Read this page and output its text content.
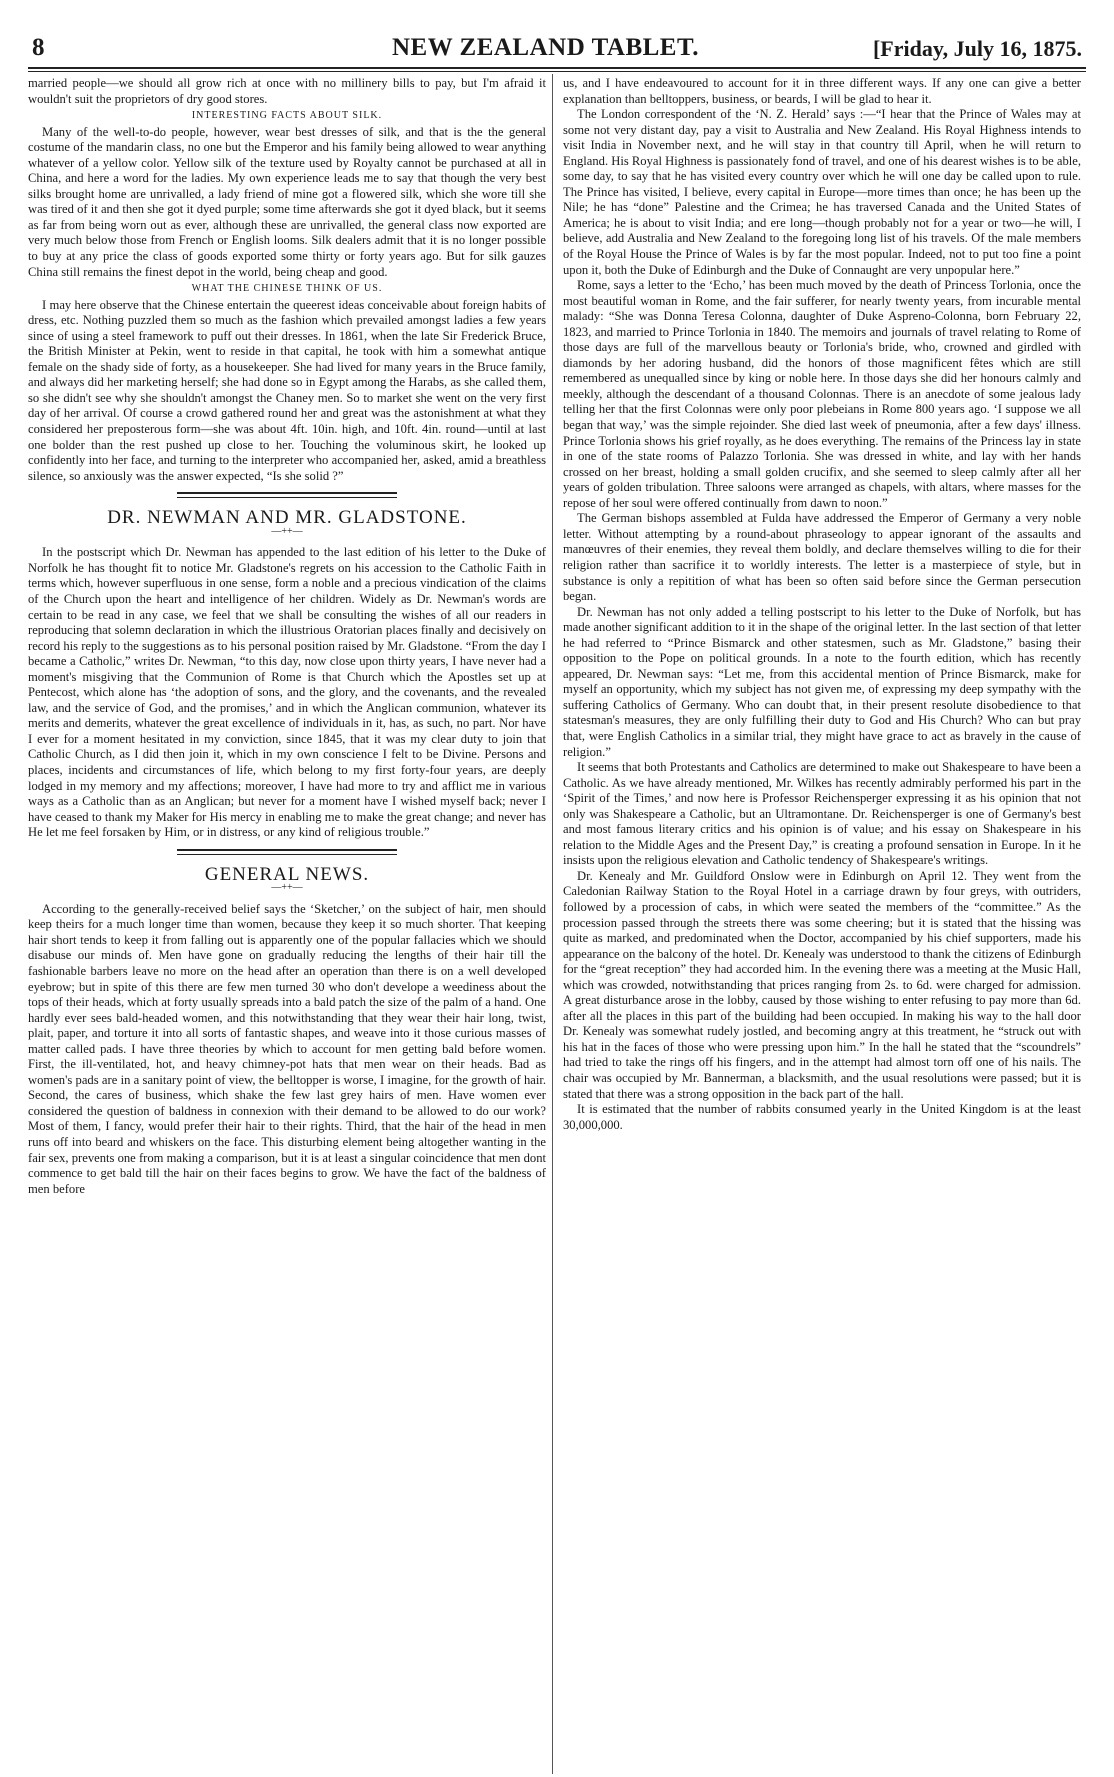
8	NEW ZEALAND TABLET.	[Friday, July 16, 1875.

married people—we should all grow rich at once with no millinery bills to pay, but I'm afraid it wouldn't suit the proprietors of dry good stores.

INTERESTING FACTS ABOUT SILK.

Many of the well-to-do people, however, wear best dresses of silk, and that is the the general costume of the mandarin class, no one but the Emperor and his family being allowed to wear anything whatever of a yellow color. Yellow silk of the texture used by Royalty cannot be purchased at all in China, and here a word for the ladies. My own experience leads me to say that though the very best silks brought home are unrivalled, a lady friend of mine got a flowered silk, which she wore till she was tired of it and then she got it dyed purple; some time afterwards she got it dyed black, but it seems as far from being worn out as ever, although these are unrivalled, the general class now exported are very much below those from French or English looms. Silk dealers admit that it is no longer possible to buy at any price the class of goods exported some thirty or forty years ago. But for silk gauzes China still remains the finest depot in the world, being cheap and good.

WHAT THE CHINESE THINK OF US.

I may here observe that the Chinese entertain the queerest ideas conceivable about foreign habits of dress, etc. Nothing puzzled them so much as the fashion which prevailed amongst ladies a few years since of using a steel framework to puff out their dresses. In 1861, when the late Sir Frederick Bruce, the British Minister at Pekin, went to reside in that capital, he took with him a somewhat antique female on the shady side of forty, as a housekeeper. She had lived for many years in the Bruce family, and always did her marketing herself; she had done so in Egypt among the Harabs, as she called them, so she didn't see why she shouldn't amongst the Chaney men. So to market she went on the very first day of her arrival. Of course a crowd gathered round her and great was the astonishment at what they considered her preposterous form—she was about 4ft. 10in. high, and 10ft. 4in. round—until at last one bolder than the rest pushed up close to her. Touching the voluminous skirt, he looked up confidently into her face, and turning to the interpreter who accompanied her, asked, amid a breathless silence, so anxiously was the answer expected, “Is she solid ?”

DR. NEWMAN AND MR. GLADSTONE.
—++—

In the postscript which Dr. Newman has appended to the last edition of his letter to the Duke of Norfolk he has thought fit to notice Mr. Gladstone's regrets on his accession to the Catholic Faith in terms which, however superfluous in one sense, form a noble and a precious vindication of the claims of the Church upon the heart and intelligence of her children. Widely as Dr. Newman's words are certain to be read in any case, we feel that we shall be consulting the wishes of all our readers in reproducing that solemn declaration in which the illustrious Oratorian places finally and decisively on record his reply to the suggestions as to his personal position raised by Mr. Gladstone. “From the day I became a Catholic,” writes Dr. Newman, “to this day, now close upon thirty years, I have never had a moment's misgiving that the Communion of Rome is that Church which the Apostles set up at Pentecost, which alone has ‘the adoption of sons, and the glory, and the covenants, and the revealed law, and the service of God, and the promises,’ and in which the Anglican communion, whatever its merits and demerits, whatever the great excellence of individuals in it, has, as such, no part. Nor have I ever for a moment hesitated in my conviction, since 1845, that it was my clear duty to join that Catholic Church, as I did then join it, which in my own conscience I felt to be Divine. Persons and places, incidents and circumstances of life, which belong to my first forty-four years, are deeply lodged in my memory and my affections; moreover, I have had more to try and afflict me in various ways as a Catholic than as an Anglican; but never for a moment have I wished myself back; never I have ceased to thank my Maker for His mercy in enabling me to make the great change; and never has He let me feel forsaken by Him, or in distress, or any kind of religious trouble.”

GENERAL NEWS.
—++—

According to the generally-received belief says the ‘Sketcher,’ on the subject of hair, men should keep theirs for a much longer time than women, because they keep it so much shorter. That keeping hair short tends to keep it from falling out is apparently one of the popular fallacies which we should disabuse our minds of. Men have gone on gradually reducing the lengths of their hair till the fashionable barbers leave no more on the head after an operation than there is on a well developed eyebrow; but in spite of this there are few men turned 30 who don't develope a weediness about the tops of their heads, which at forty usually spreads into a bald patch the size of the palm of a hand. One hardly ever sees bald-headed women, and this notwithstanding that they wear their hair long, twist, plait, paper, and torture it into all sorts of fantastic shapes, and weave into it those curious masses of matter called pads. I have three theories by which to account for men getting bald before women. First, the ill-ventilated, hot, and heavy chimney-pot hats that men wear on their heads. Bad as women's pads are in a sanitary point of view, the belltopper is worse, I imagine, for the growth of hair. Second, the cares of business, which shake the few last grey hairs of men. Have women ever considered the question of baldness in connexion with their demand to be allowed to do our work? Most of them, I fancy, would prefer their hair to their rights. Third, that the hair of the head in men runs off into beard and whiskers on the face. This disturbing element being altogether wanting in the fair sex, prevents one from making a comparison, but it is at least a singular coincidence that men dont commence to get bald till the hair on their faces begins to grow. We have the fact of the baldness of men before

us, and I have endeavoured to account for it in three different ways. If any one can give a better explanation than belltoppers, business, or beards, I will be glad to hear it.

The London correspondent of the ‘N. Z. Herald’ says :—“I hear that the Prince of Wales may at some not very distant day, pay a visit to Australia and New Zealand. His Royal Highness intends to visit India in November next, and he will stay in that country till April, when he will return to England. His Royal Highness is passionately fond of travel, and one of his dearest wishes is to be able, some day, to say that he has visited every country over which he will one day be called upon to rule. The Prince has visited, I believe, every capital in Europe—more times than once; he has been up the Nile; he has “done” Palestine and the Crimea; he has traversed Canada and the United States of America; he is about to visit India; and ere long—though probably not for a year or two—he will, I believe, add Australia and New Zealand to the foregoing long list of his travels. Of the male members of the Royal House the Prince of Wales is by far the most popular. Indeed, not to put too fine a point upon it, both the Duke of Edinburgh and the Duke of Connaught are very unpopular here.”

Rome, says a letter to the ‘Echo,’ has been much moved by the death of Princess Torlonia, once the most beautiful woman in Rome, and the fair sufferer, for nearly twenty years, from incurable mental malady: “She was Donna Teresa Colonna, daughter of Duke Aspreno-Colonna, born February 22, 1823, and married to Prince Torlonia in 1840. The memoirs and journals of travel relating to Rome of those days are full of the marvellous beauty or Torlonia's bride, who, crowned and girdled with diamonds by her adoring husband, did the honors of those magnificent fêtes which are still remembered as unequalled since by king or noble here. In those days she did her honours calmly and meekly, although the descendant of a thousand Colonnas. There is an anecdote of some jealous lady telling her that the first Colonnas were only poor plebeians in Rome 800 years ago. ‘I suppose we all began that way,’ was the simple rejoinder. She died last week of pneumonia, after a few days' illness. Prince Torlonia shows his grief royally, as he does everything. The remains of the Princess lay in state in one of the state rooms of Palazzo Torlonia. She was dressed in white, and lay with her hands crossed on her breast, holding a small golden crucifix, and she seemed to sleep calmly after all her years of golden tribulation. Three saloons were arranged as chapels, with altars, where masses for the repose of her soul were offered continually from dawn to noon.”

The German bishops assembled at Fulda have addressed the Emperor of Germany a very noble letter. Without attempting by a round-about phraseology to appear ignorant of the assaults and manœuvres of their enemies, they reveal them boldly, and declare themselves willing to die for their religion rather than sacrifice it to worldly interests. The letter is a masterpiece of style, but in substance is only a repitition of what has been so often said before since the German persecution began.

Dr. Newman has not only added a telling postscript to his letter to the Duke of Norfolk, but has made another significant addition to it in the shape of the original letter. In the last section of that letter he had referred to “Prince Bismarck and other statesmen, such as Mr. Gladstone,” basing their opposition to the Pope on political grounds. In a note to the fourth edition, which has recently appeared, Dr. Newman says: “Let me, from this accidental mention of Prince Bismarck, make for myself an opportunity, which my subject has not given me, of expressing my deep sympathy with the suffering Catholics of Germany. Who can doubt that, in their present resolute disobedience to that statesman's measures, they are only fulfilling their duty to God and His Church? Who can but pray that, were English Catholics in a similar trial, they might have grace to act as bravely in the cause of religion.”

It seems that both Protestants and Catholics are determined to make out Shakespeare to have been a Catholic. As we have already mentioned, Mr. Wilkes has recently admirably performed his part in the ‘Spirit of the Times,’ and now here is Professor Reichensperger expressing it as his opinion that not only was Shakespeare a Catholic, but an Ultramontane. Dr. Reichensperger is one of Germany's best and most famous literary critics and his opinion is of value; and his essay on Shakespeare in his relation to the Middle Ages and the Present Day,” is creating a profound sensation in Europe. In it he insists upon the religious elevation and Catholic tendency of Shakespeare's writings.

Dr. Kenealy and Mr. Guildford Onslow were in Edinburgh on April 12. They went from the Caledonian Railway Station to the Royal Hotel in a carriage drawn by four greys, with outriders, followed by a procession of cabs, in which were seated the members of the “committee.” As the procession passed through the streets there was some cheering; but it is stated that the hissing was quite as marked, and predominated when the Doctor, accompanied by his chief supporters, made his appearance on the balcony of the hotel. Dr. Kenealy was understood to thank the citizens of Edinburgh for the “great reception” they had accorded him. In the evening there was a meeting at the Music Hall, which was crowded, notwithstanding that prices ranging from 2s. to 6d. were charged for admission. A great disturbance arose in the lobby, caused by those wishing to enter refusing to pay more than 6d. after all the places in this part of the building had been occupied. In making his way to the hall door Dr. Kenealy was somewhat rudely jostled, and becoming angry at this treatment, he “struck out with his hat in the faces of those who were pressing upon him.” In the hall he stated that the “scoundrels” had tried to take the rings off his fingers, and in the attempt had almost torn off one of his nails. The chair was occupied by Mr. Bannerman, a blacksmith, and the usual resolutions were passed; but it is stated that there was a strong opposition in the back part of the hall.

It is estimated that the number of rabbits consumed yearly in the United Kingdom is at the least 30,000,000.
